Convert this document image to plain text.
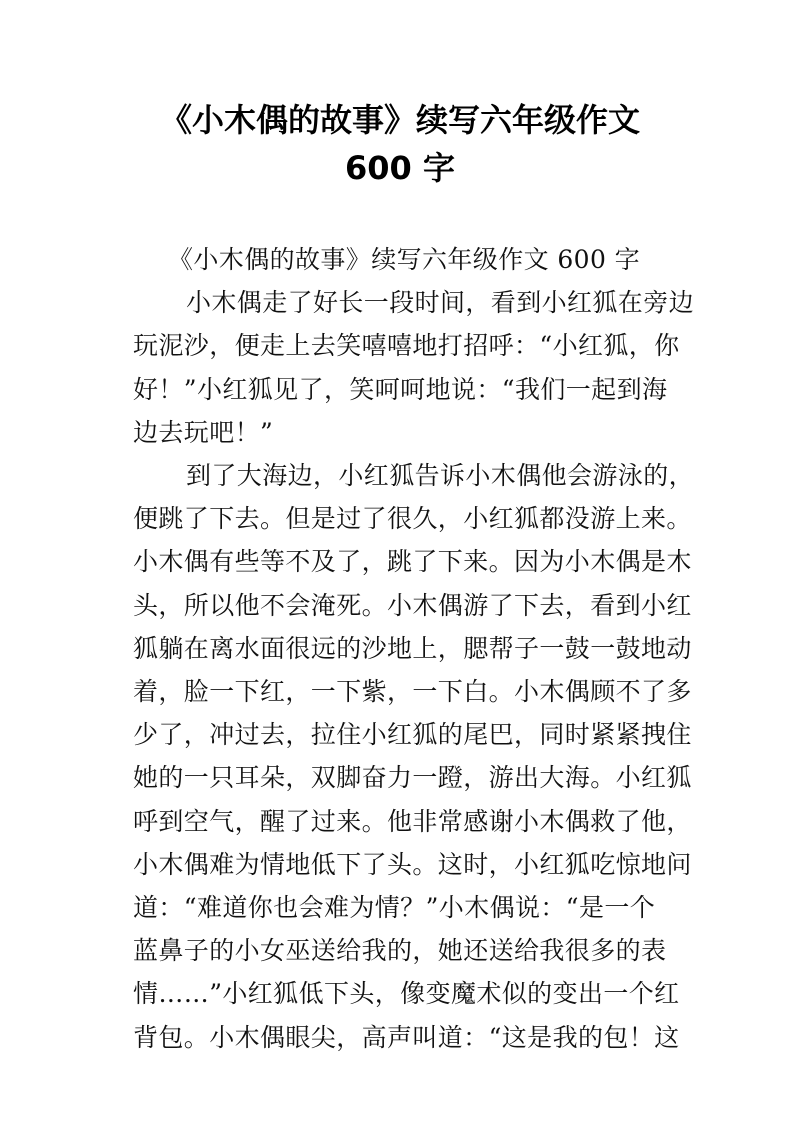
《小木偶的故事》续写六年级作文
600 字
《小木偶的故事》续写六年级作文 600 字
小木偶走了好长一段时间，看到小红狐在旁边
玩泥沙，便走上去笑嘻嘻地打招呼：“小红狐，你
好！”小红狐见了，笑呵呵地说：“我们一起到海
边去玩吧！”
到了大海边，小红狐告诉小木偶他会游泳的，
便跳了下去。但是过了很久，小红狐都没游上来。
小木偶有些等不及了，跳了下来。因为小木偶是木
头，所以他不会淹死。小木偶游了下去，看到小红
狐躺在离水面很远的沙地上，腮帮子一鼓一鼓地动
着，脸一下红，一下紫，一下白。小木偶顾不了多
少了，冲过去，拉住小红狐的尾巴，同时紧紧拽住
她的一只耳朵，双脚奋力一蹬，游出大海。小红狐
呼到空气，醒了过来。他非常感谢小木偶救了他，
小木偶难为情地低下了头。这时，小红狐吃惊地问
道：“难道你也会难为情？”小木偶说：“是一个
蓝鼻子的小女巫送给我的，她还送给我很多的表
情……”小红狐低下头，像变魔术似的变出一个红
背包。小木偶眼尖，高声叫道：“这是我的包！这
